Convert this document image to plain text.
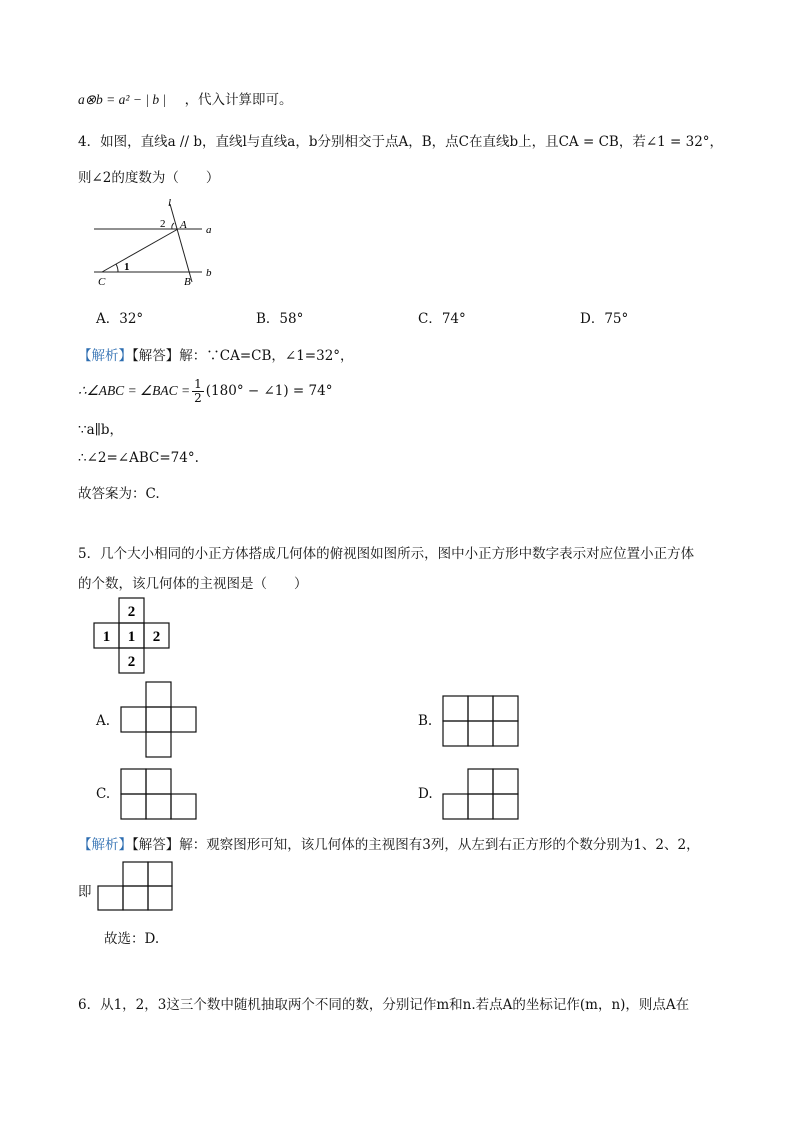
a⊗b = a² − | b | ，代入计算即可。
4．如图，直线a // b，直线l与直线a，b分别相交于点A，B，点C在直线b上，且CA = CB，若∠1 = 32°，
则∠2的度数为（　　）
l
2 A a
1	b
C	B
A．32°	B．58°	C．74°	D．75°
【解析】【解答】解：∵CA=CB，∠1=32°，
∴∠ABC = ∠BAC = $\frac{1}{2} (180^\circ$ − ∠1) = 74°
∵a∥b，
∴∠2=∠ABC=74°.
故答案为：C.
5．几个大小相同的小正方体搭成几何体的俯视图如图所示，图中小正方形中数字表示对应位置小正方体
的个数，该几何体的主视图是（　　）
2
1 1 2
2
A.	B.
C.	D.
【解析】【解答】解：观察图形可知，该几何体的主视图有3列，从左到右正方形的个数分别为1、2、2，
即
故选：D.
6．从1，2，3这三个数中随机抽取两个不同的数，分别记作m和n.若点A的坐标记作(m，n)，则点A在
